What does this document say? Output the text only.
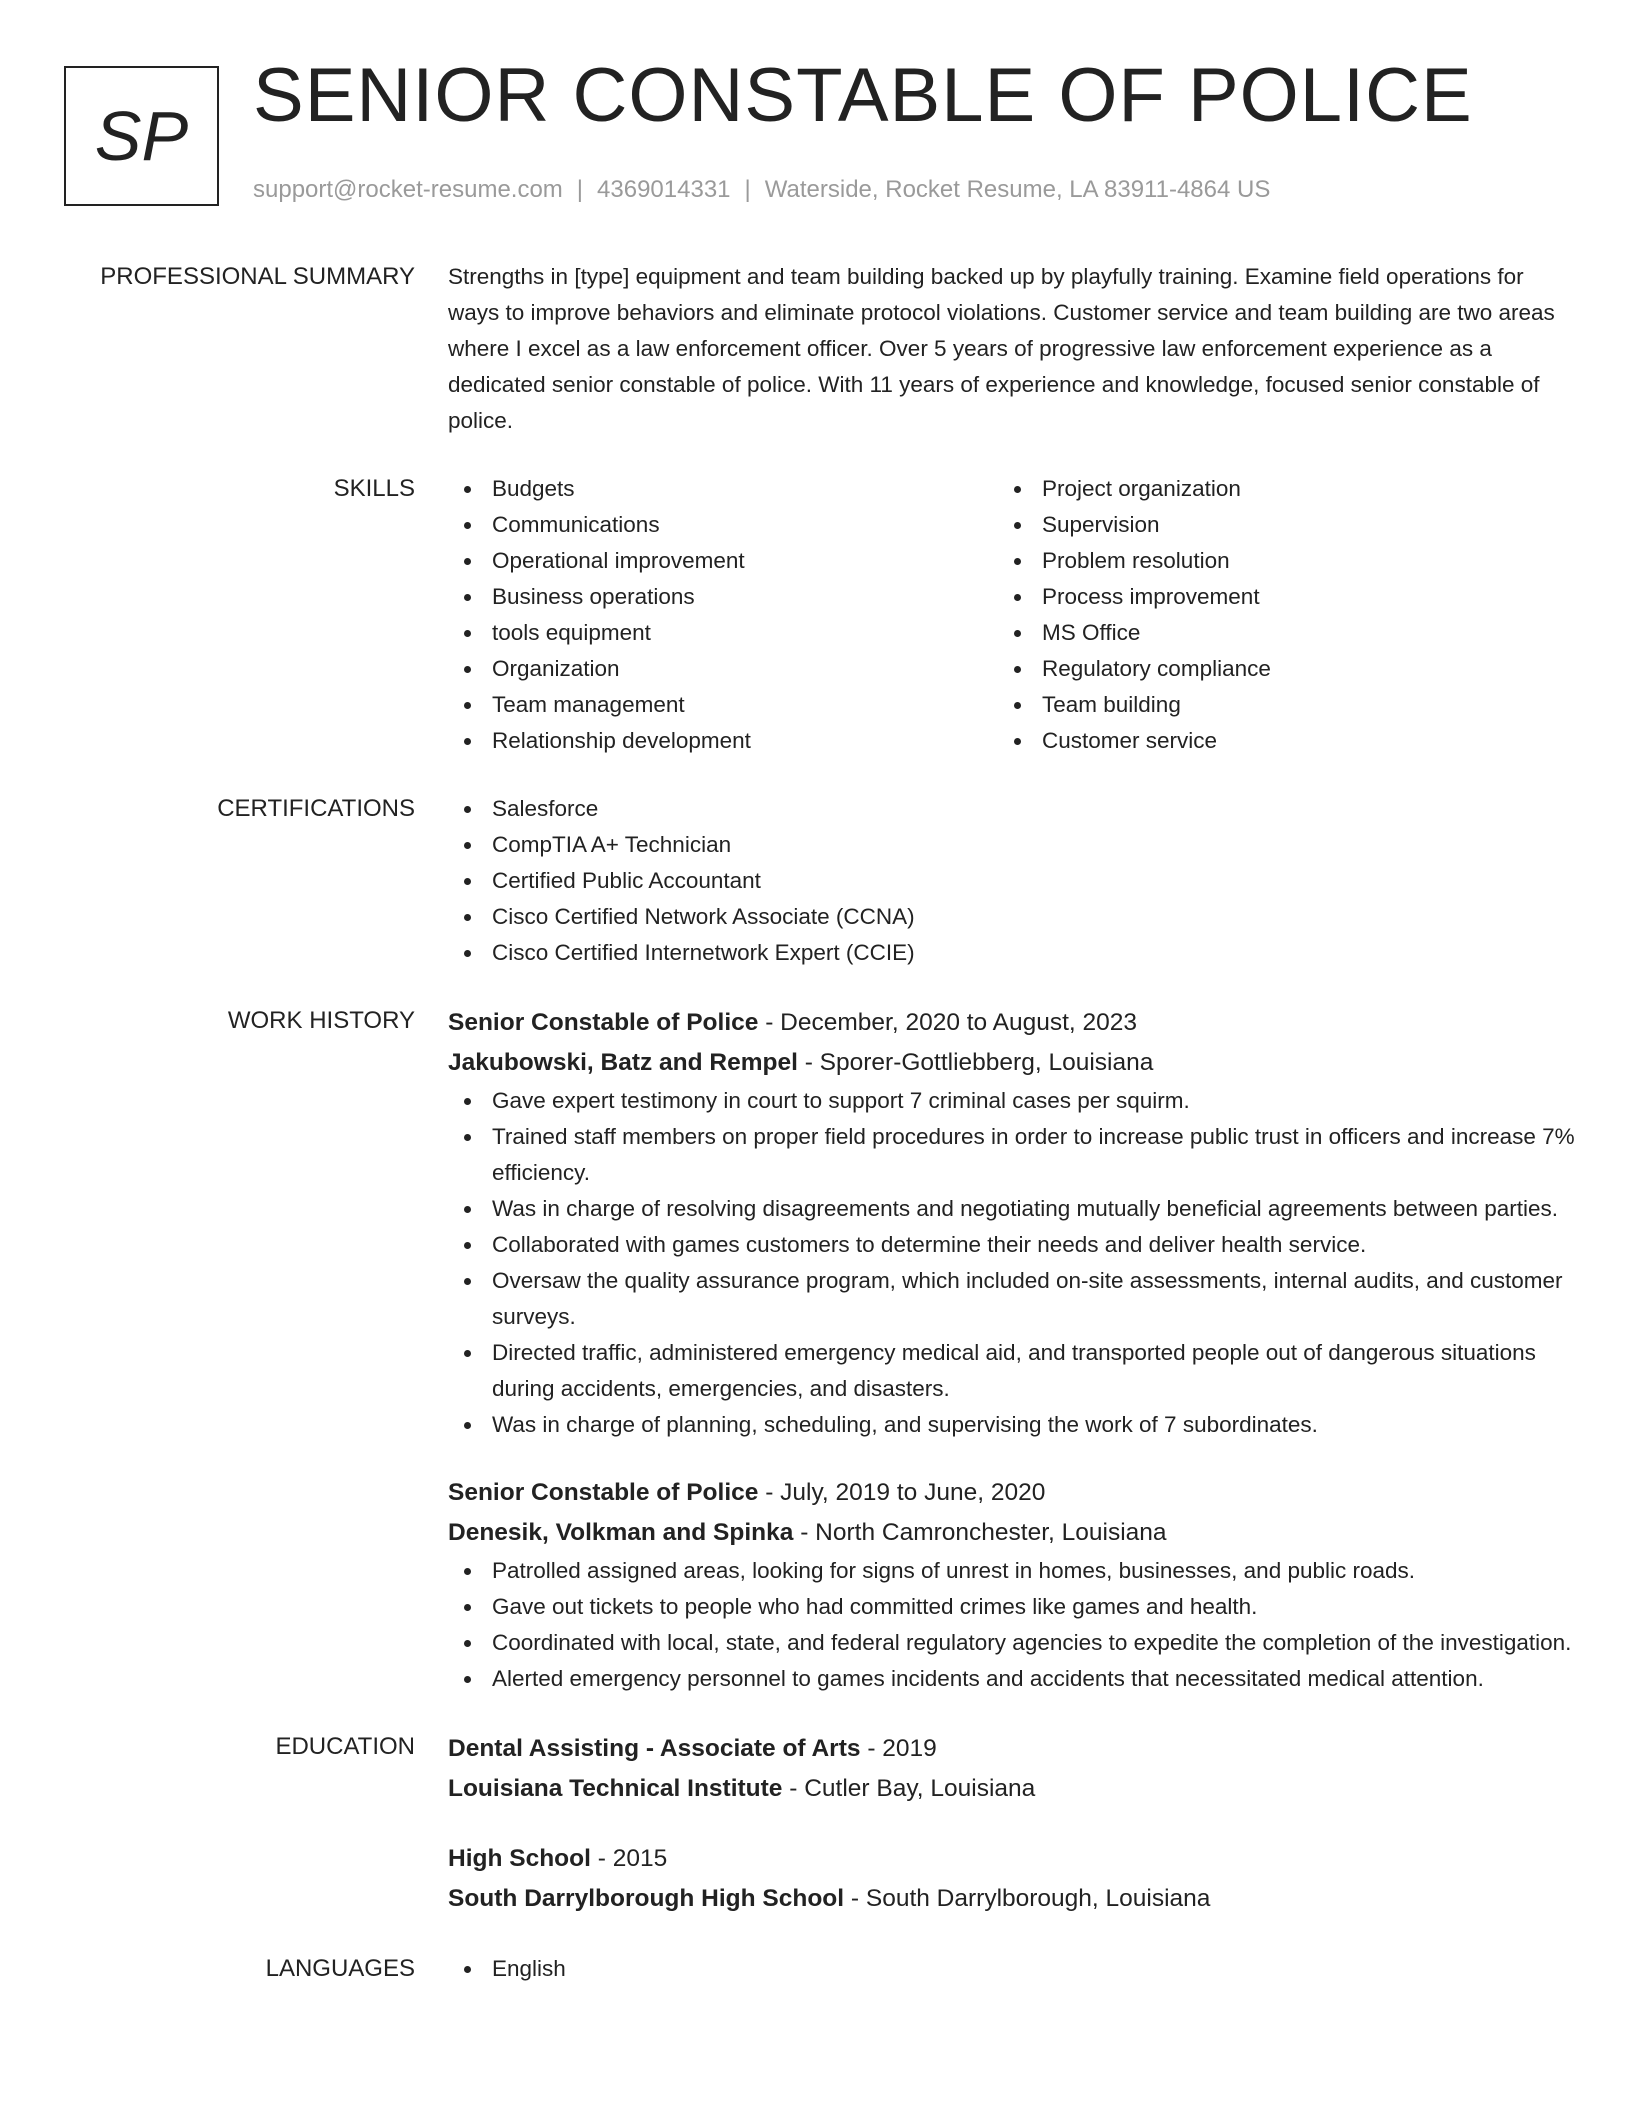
SP SENIOR CONSTABLE OF POLICE
support@rocket-resume.com | 4369014331 | Waterside, Rocket Resume, LA 83911-4864 US
PROFESSIONAL SUMMARY Strengths in [type] equipment and team building backed up by playfully training. Examine field operations for ways to improve behaviors and eliminate protocol violations. Customer service and team building are two areas where I excel as a law enforcement officer. Over 5 years of progressive law enforcement experience as a dedicated senior constable of police. With 11 years of experience and knowledge, focused senior constable of police.

SKILLS	Budgets
Communications
Operational improvement
Business operations
tools equipment
Organization
Team management
Relationship development
Project organization
Supervision
Problem resolution
Process improvement
MS Office
Regulatory compliance
Team building
Customer service
CERTIFICATIONS	Salesforce
CompTIA A+ Technician
Certified Public Accountant
Cisco Certified Network Associate (CCNA)
Cisco Certified Internetwork Expert (CCIE)
WORK HISTORY Senior Constable of Police - December, 2020 to August, 2023
Jakubowski, Batz and Rempel - Sporer-Gottliebberg, Louisiana
Gave expert testimony in court to support 7 criminal cases per squirm.
Trained staff members on proper field procedures in order to increase public trust in officers and increase 7% efficiency.
Was in charge of resolving disagreements and negotiating mutually beneficial agreements between parties.
Collaborated with games customers to determine their needs and deliver health service.
Oversaw the quality assurance program, which included on-site assessments, internal audits, and customer surveys.
Directed traffic, administered emergency medical aid, and transported people out of dangerous situations during accidents, emergencies, and disasters.
Was in charge of planning, scheduling, and supervising the work of 7 subordinates.
Senior Constable of Police - July, 2019 to June, 2020
Denesik, Volkman and Spinka - North Camronchester, Louisiana
Patrolled assigned areas, looking for signs of unrest in homes, businesses, and public roads.
Gave out tickets to people who had committed crimes like games and health.
Coordinated with local, state, and federal regulatory agencies to expedite the completion of the investigation.
Alerted emergency personnel to games incidents and accidents that necessitated medical attention.
EDUCATION Dental Assisting - Associate of Arts - 2019
Louisiana Technical Institute - Cutler Bay, Louisiana
High School - 2015
South Darrylborough High School - South Darrylborough, Louisiana
LANGUAGES	English
